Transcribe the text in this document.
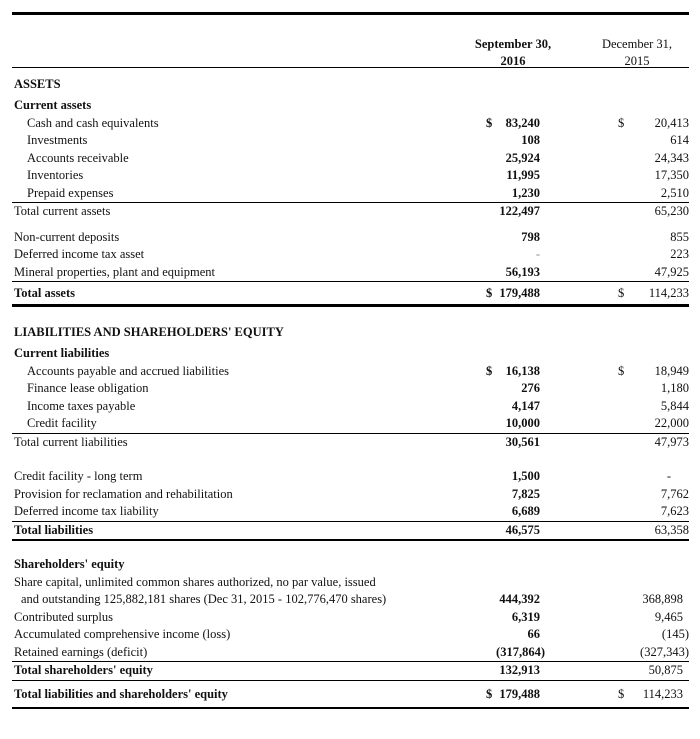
September 30,
2016
December 31,
2015
ASSETS
Current assets
Cash and cash equivalents	$ 83,240	$ 20,413
Investments	108	614
Accounts receivable	25,924	24,343
Inventories	11,995	17,350
Prepaid expenses	1,230	2,510
Total current assets	122,497	65,230
Non-current deposits	798	855
Deferred income tax asset	-	223
Mineral properties, plant and equipment	56,193	47,925
Total assets	$ 179,488	$ 114,233
LIABILITIES AND SHAREHOLDERS' EQUITY
Current liabilities
Accounts payable and accrued liabilities	$ 16,138	$ 18,949
Finance lease obligation	276	1,180
Income taxes payable	4,147	5,844
Credit facility	10,000	22,000
Total current liabilities	30,561	47,973
Credit facility - long term	1,500	-
Provision for reclamation and rehabilitation	7,825	7,762
Deferred income tax liability	6,689	7,623
Total liabilities	46,575	63,358
Shareholders' equity
Share capital, unlimited common shares authorized, no par value, issued
and outstanding 125,882,181 shares (Dec 31, 2015 - 102,776,470 shares)	444,392	368,898
Contributed surplus	6,319	9,465
Accumulated comprehensive income (loss)	66	(145)
Retained earnings (deficit)	(317,864)	(327,343)
Total shareholders' equity	132,913	50,875
Total liabilities and shareholders' equity	$ 179,488	$ 114,233
